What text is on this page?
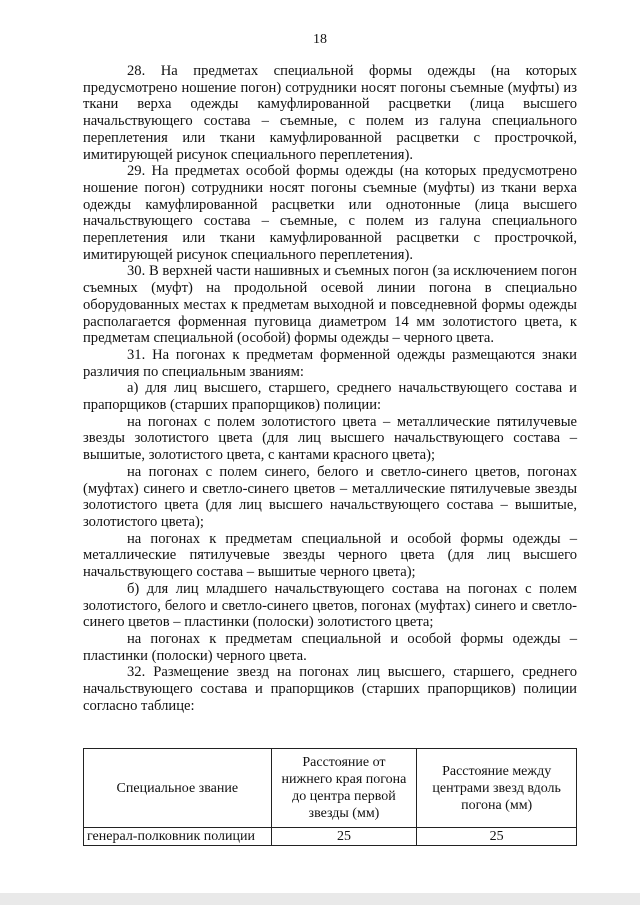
18

28. На предметах специальной формы одежды (на которых предусмотрено ношение погон) сотрудники носят погоны съемные (муфты) из ткани верха одежды камуфлированной расцветки (лица высшего начальствующего состава – съемные, с полем из галуна специального переплетения или ткани камуфлированной расцветки с прострочкой, имитирующей рисунок специального переплетения).

29. На предметах особой формы одежды (на которых предусмотрено ношение погон) сотрудники носят погоны съемные (муфты) из ткани верха одежды камуфлированной расцветки или однотонные (лица высшего начальствующего состава – съемные, с полем из галуна специального переплетения или ткани камуфлированной расцветки с прострочкой, имитирующей рисунок специального переплетения).

30. В верхней части нашивных и съемных погон (за исключением погон съемных (муфт) на продольной осевой линии погона в специально оборудованных местах к предметам выходной и повседневной формы одежды располагается форменная пуговица диаметром 14 мм золотистого цвета, к предметам специальной (особой) формы одежды – черного цвета.

31. На погонах к предметам форменной одежды размещаются знаки различия по специальным званиям:

а) для лиц высшего, старшего, среднего начальствующего состава и прапорщиков (старших прапорщиков) полиции:

на погонах с полем золотистого цвета – металлические пятилучевые звезды золотистого цвета (для лиц высшего начальствующего состава – вышитые, золотистого цвета, с кантами красного цвета);

на погонах с полем синего, белого и светло-синего цветов, погонах (муфтах) синего и светло-синего цветов – металлические пятилучевые звезды золотистого цвета (для лиц высшего начальствующего состава – вышитые, золотистого цвета);

на погонах к предметам специальной и особой формы одежды – металлические пятилучевые звезды черного цвета (для лиц высшего начальствующего состава – вышитые черного цвета);

б) для лиц младшего начальствующего состава на погонах с полем золотистого, белого и светло-синего цветов, погонах (муфтах) синего и светло-синего цветов – пластинки (полоски) золотистого цвета;

на погонах к предметам специальной и особой формы одежды – пластинки (полоски) черного цвета.

32. Размещение звезд на погонах лиц высшего, старшего, среднего начальствующего состава и прапорщиков (старших прапорщиков) полиции согласно таблице:

Специальное звание	Расстояние от нижнего края погона до центра первой звезды (мм)	Расстояние между центрами звезд вдоль погона (мм)
генерал-полковник полиции	25	25
